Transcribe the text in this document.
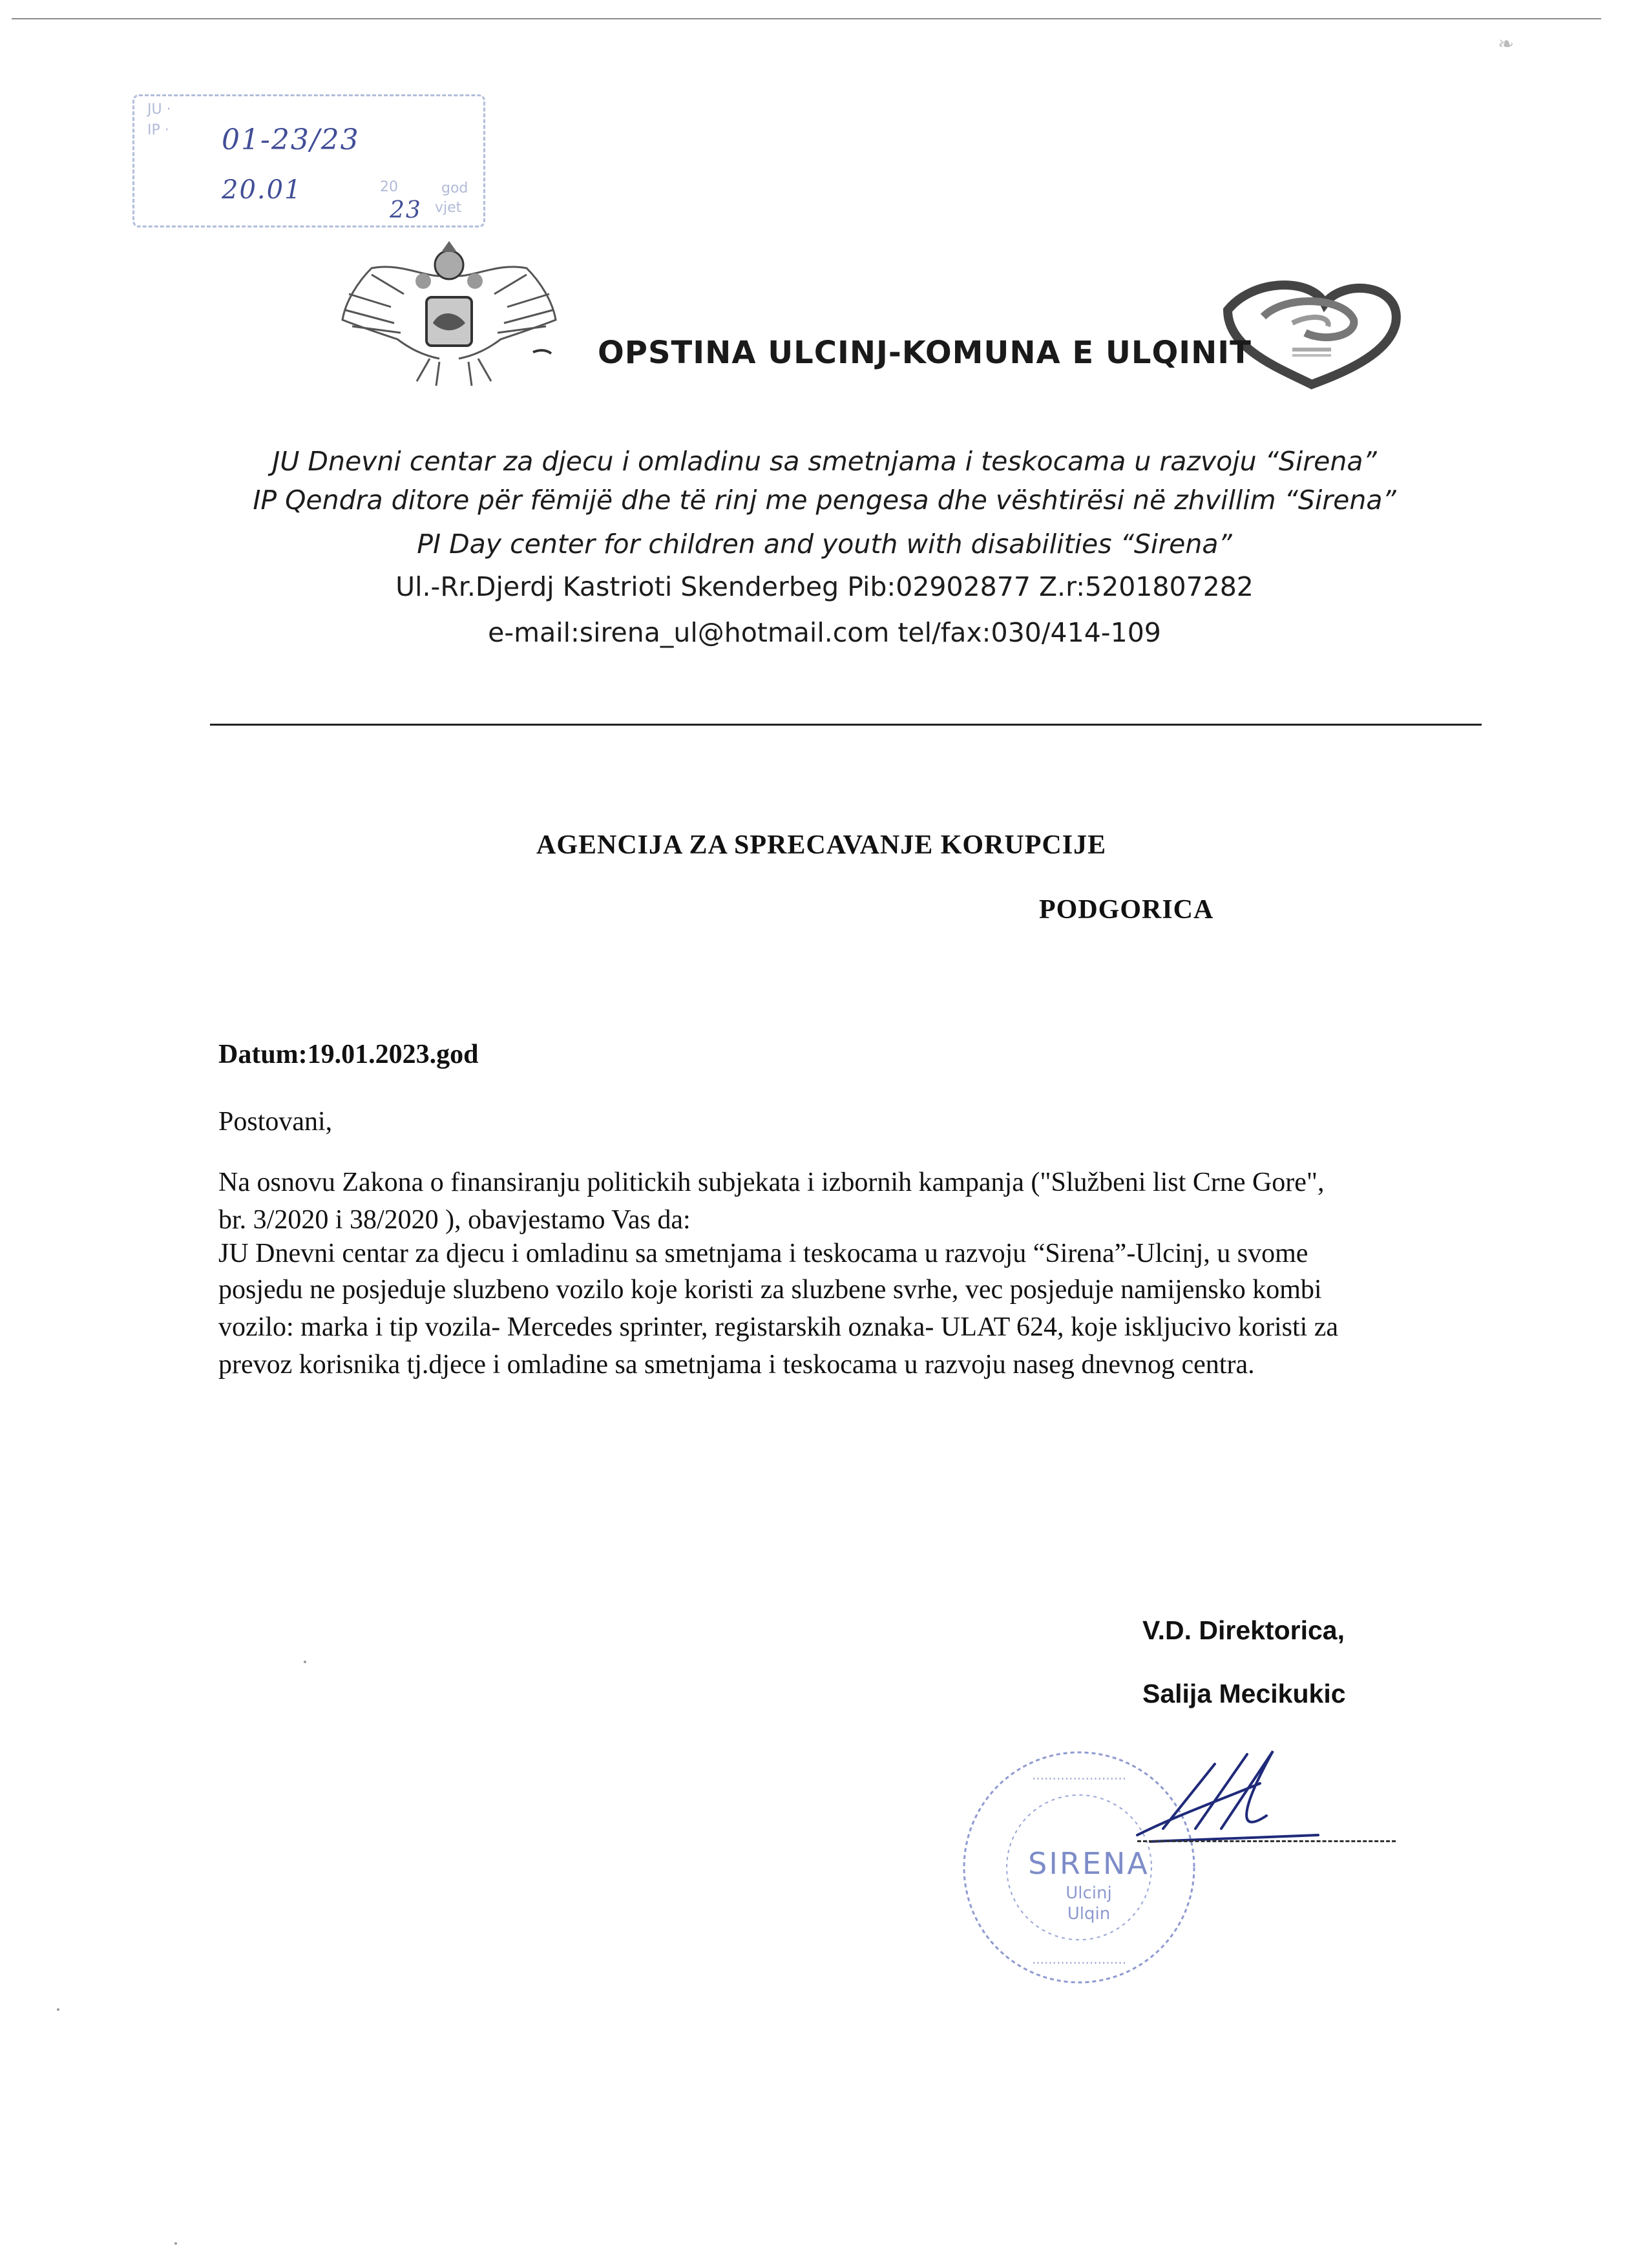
❧
JU ·
IP ·
20
vjet
god
01-23/23
20.01
23
OPSTINA ULCINJ-KOMUNA E ULQINIT
JU Dnevni centar za djecu i omladinu sa smetnjama i teskocama u razvoju “Sirena”
IP Qendra ditore për fëmijë dhe të rinj me pengesa dhe vështirësi në zhvillim “Sirena”
PI Day center for children and youth with disabilities “Sirena”
Ul.-Rr.Djerdj Kastrioti Skenderbeg Pib:02902877 Z.r:5201807282
e-mail:sirena_ul@hotmail.com tel/fax:030/414-109
AGENCIJA ZA SPRECAVANJE KORUPCIJE
PODGORICA
Datum:19.01.2023.god
Postovani,
Na osnovu Zakona o finansiranju politickih subjekata i izbornih kampanja ("Službeni list Crne Gore",
br. 3/2020 i 38/2020 ), obavjestamo Vas da:
JU Dnevni centar za djecu i omladinu sa smetnjama i teskocama u razvoju “Sirena”-Ulcinj, u svome
posjedu ne posjeduje sluzbeno vozilo koje koristi za sluzbene svrhe, vec posjeduje namijensko kombi
vozilo: marka i tip vozila- Mercedes sprinter, registarskih oznaka- ULAT 624, koje iskljucivo koristi za
prevoz korisnika tj.djece i omladine sa smetnjama i teskocama u razvoju naseg dnevnog centra.
V.D. Direktorica,
Salija Mecikukic
·······················
·······················
SIRENA
Ulcinj
Ulqin
